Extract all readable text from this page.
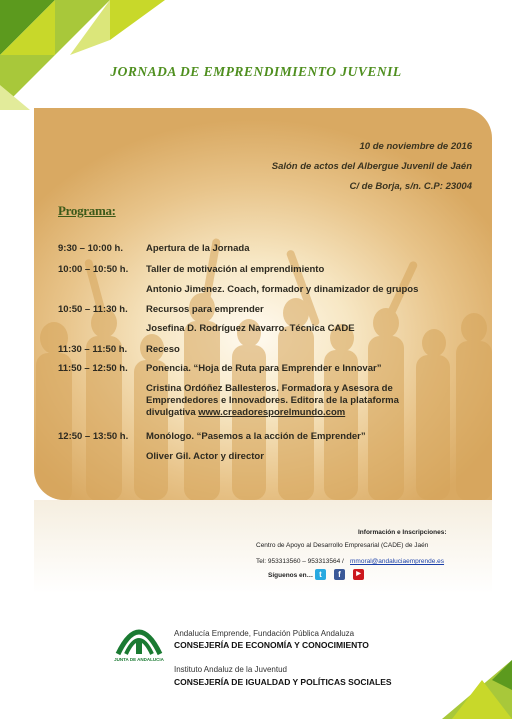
JORNADA DE EMPRENDIMIENTO JUVENIL
10 de noviembre de 2016
Salón de actos del Albergue Juvenil de Jaén
C/ de Borja, s/n. C.P: 23004
Programa:
9:30 – 10:00 h.	Apertura de la Jornada
10:00 – 10:50 h.	Taller de motivación al emprendimiento
Antonio Jimenez. Coach, formador y dinamizador de grupos
10:50 – 11:30 h.	Recursos para emprender
Josefina D. Rodríguez Navarro. Técnica CADE
11:30 – 11:50 h.	Receso
11:50 – 12:50 h.	Ponencia. “Hoja de Ruta para Emprender e Innovar”
Cristina Ordóñez Ballesteros. Formadora y Asesora de Emprendedores e Innovadores. Editora de la plataforma divulgativa www.creadoresporelmundo.com
12:50 – 13:50 h.	Monólogo. “Pasemos a la acción de Emprender”
Oliver Gil. Actor y director
Información e Inscripciones:
Centro de Apoyo al Desarrollo Empresarial (CADE) de Jaén
Tel: 953313560 – 953313564 / mmoral@andaluciaemprende.es
Síguenos en… t	f	▶
JUNTA DE ANDALUCIA
Andalucía Emprende, Fundación Pública Andaluza
CONSEJERÍA DE ECONOMÍA Y CONOCIMIENTO
Instituto Andaluz de la Juventud
CONSEJERÍA DE IGUALDAD Y POLÍTICAS SOCIALES
